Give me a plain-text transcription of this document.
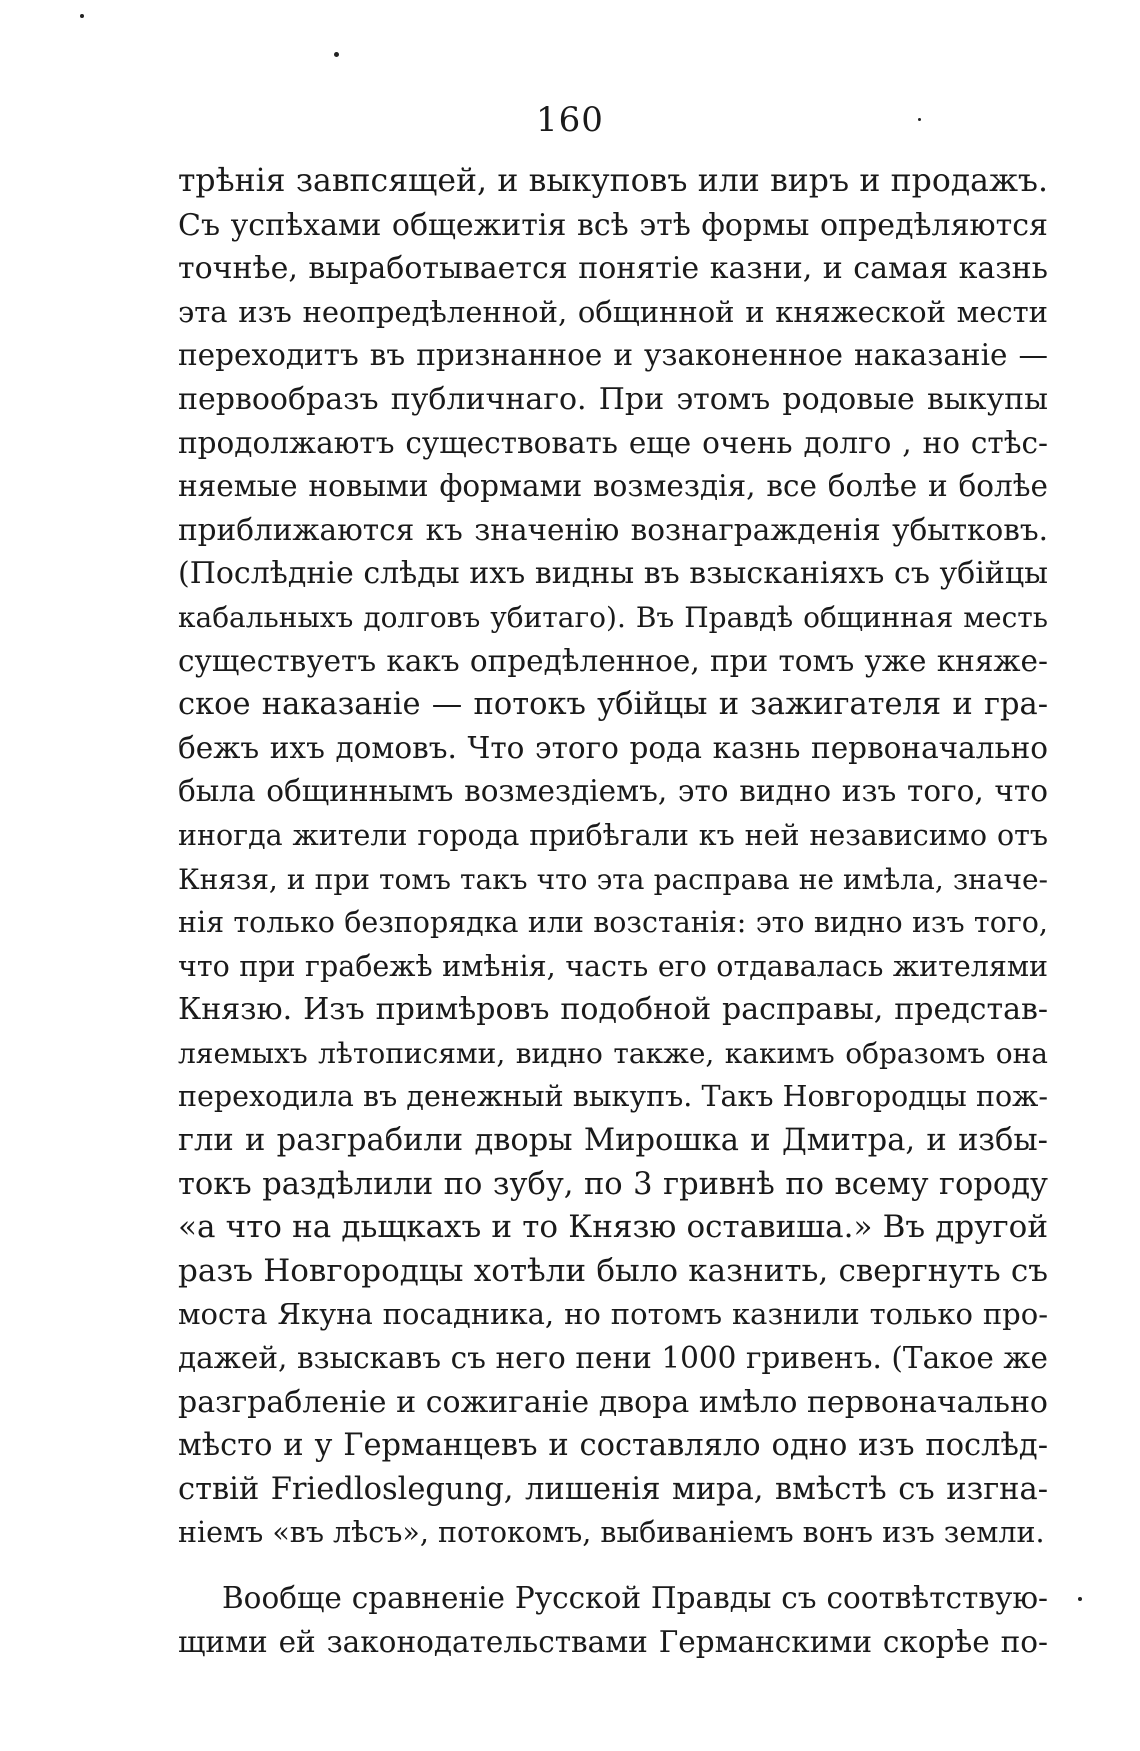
160
трѣнія завпсящей, и выкуповъ или виръ и продажъ.
Съ успѣхами общежитія всѣ этѣ формы опредѣляются
точнѣе, выработывается понятіе казни, и самая казнь
эта изъ неопредѣленной, общинной и княжеской мести
переходитъ въ признанное и узаконенное наказаніе —
первообразъ публичнаго. При этомъ родовые выкупы
продолжаютъ существовать еще очень долго , но стѣс-
няемые новыми формами возмездія, все болѣе и болѣе
приближаются къ значенію вознагражденія убытковъ.
(Послѣдніе слѣды ихъ видны въ взысканіяхъ съ убійцы
кабальныхъ долговъ убитаго). Въ Правдѣ общинная месть
существуетъ какъ опредѣленное, при томъ уже княже-
ское наказаніе — потокъ убійцы и зажигателя и гра-
бежъ ихъ домовъ. Что этого рода казнь первоначально
была общиннымъ возмездіемъ, это видно изъ того, что
иногда жители города прибѣгали къ ней независимо отъ
Князя, и при томъ такъ что эта расправа не имѣла, значе-
нія только безпорядка или возстанія: это видно изъ того,
что при грабежѣ имѣнія, часть его отдавалась жителями
Князю. Изъ примѣровъ подобной расправы, представ-
ляемыхъ лѣтописями, видно также, какимъ образомъ она
переходила въ денежный выкупъ. Такъ Новгородцы пож-
гли и разграбили дворы Мирошка и Дмитра, и избы-
токъ раздѣлили по зубу, по 3 гривнѣ по всему городу
«а что на дьщкахъ и то Князю оставиша.» Въ другой
разъ Новгородцы хотѣли было казнить, свергнуть съ
моста Якуна посадника, но потомъ казнили только про-
дажей, взыскавъ съ него пени 1000 гривенъ. (Такое же
разграбленіе и сожиганіе двора имѣло первоначально
мѣсто и у Германцевъ и составляло одно изъ послѣд-
ствій Friedloslegung, лишенія мира, вмѣстѣ съ изгна-
ніемъ «въ лѣсъ», потокомъ, выбиваніемъ вонъ изъ земли.
Вообще сравненіе Русской Правды съ соотвѣтствую-
щими ей законодательствами Германскими скорѣе по-
